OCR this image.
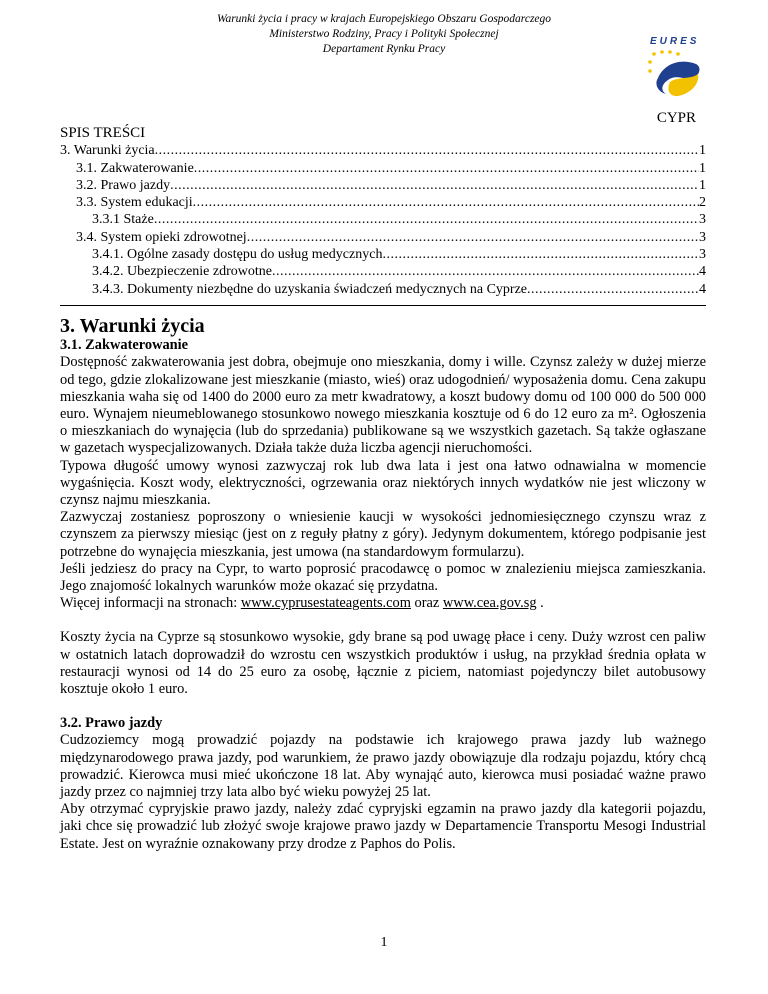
Warunki życia i pracy w krajach Europejskiego Obszaru Gospodarczego
Ministerstwo Rodziny, Pracy i Polityki Społecznej
Departament Rynku Pracy
EURES
CYPR
SPIS TREŚCI
3. Warunki życia .....	1
3.1. Zakwaterowanie .....	1
3.2. Prawo jazdy .....	1
3.3. System edukacji .....	2
3.3.1 Staże .....	3
3.4. System opieki zdrowotnej .....	3
3.4.1. Ogólne zasady dostępu do usług medycznych .....	3
3.4.2. Ubezpieczenie zdrowotne .....	4
3.4.3. Dokumenty niezbędne do uzyskania świadczeń medycznych na Cyprze .....	4
3. Warunki życia
3.1. Zakwaterowanie

Dostępność zakwaterowania jest dobra, obejmuje ono mieszkania, domy i wille. Czynsz zależy w dużej mierze od tego, gdzie zlokalizowane jest mieszkanie (miasto, wieś) oraz udogodnień/ wyposażenia domu. Cena zakupu mieszkania waha się od 1400 do 2000 euro za metr kwadratowy, a koszt budowy domu od 100 000 do 500 000 euro. Wynajem nieumeblowanego stosunkowo nowego mieszkania kosztuje od 6 do 12 euro za m². Ogłoszenia o mieszkaniach do wynajęcia (lub do sprzedania) publikowane są we wszystkich gazetach. Są także ogłaszane w gazetach wyspecjalizowanych. Działa także duża liczba agencji nieruchomości.

Typowa długość umowy wynosi zazwyczaj rok lub dwa lata i jest ona łatwo odnawialna w momencie wygaśnięcia. Koszt wody, elektryczności, ogrzewania oraz niektórych innych wydatków nie jest wliczony w czynsz najmu mieszkania.

Zazwyczaj zostaniesz poproszony o wniesienie kaucji w wysokości jednomiesięcznego czynszu wraz z czynszem za pierwszy miesiąc (jest on z reguły płatny z góry). Jedynym dokumentem, którego podpisanie jest potrzebne do wynajęcia mieszkania, jest umowa (na standardowym formularzu).

Jeśli jedziesz do pracy na Cypr, to warto poprosić pracodawcę o pomoc w znalezieniu miejsca zamieszkania. Jego znajomość lokalnych warunków może okazać się przydatna.

Więcej informacji na stronach: www.cyprusestateagents.com oraz www.cea.gov.sg .

Koszty życia na Cyprze są stosunkowo wysokie, gdy brane są pod uwagę płace i ceny. Duży wzrost cen paliw w ostatnich latach doprowadził do wzrostu cen wszystkich produktów i usług, na przykład średnia opłata w restauracji wynosi od 14 do 25 euro za osobę, łącznie z piciem, natomiast pojedynczy bilet autobusowy kosztuje około 1 euro.

3.2. Prawo jazdy

Cudzoziemcy mogą prowadzić pojazdy na podstawie ich krajowego prawa jazdy lub ważnego międzynarodowego prawa jazdy, pod warunkiem, że prawo jazdy obowiązuje dla rodzaju pojazdu, który chcą prowadzić. Kierowca musi mieć ukończone 18 lat. Aby wynająć auto, kierowca musi posiadać ważne prawo jazdy przez co najmniej trzy lata albo być wieku powyżej 25 lat.

Aby otrzymać cypryjskie prawo jazdy, należy zdać cypryjski egzamin na prawo jazdy dla kategorii pojazdu, jaki chce się prowadzić lub złożyć swoje krajowe prawo jazdy w Departamencie Transportu Mesogi Industrial Estate. Jest on wyraźnie oznakowany przy drodze z Paphos do Polis.

1
